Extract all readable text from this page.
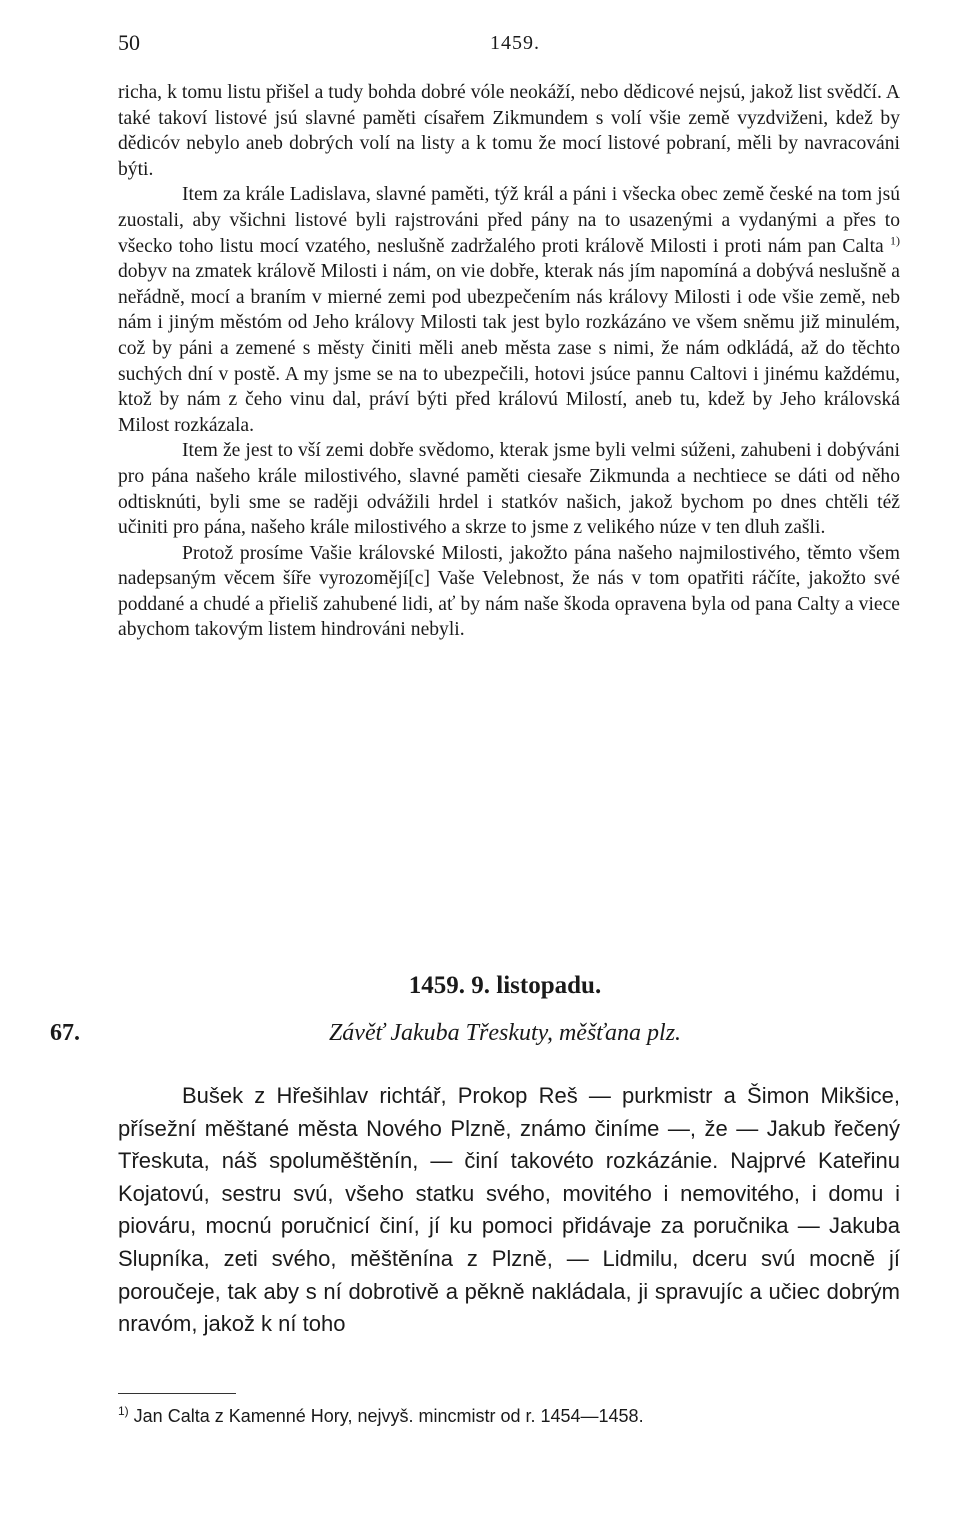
50	1459.

richa, k tomu listu přišel a tudy bohda dobré vóle neokáží, nebo dědicové nejsú, jakož list svědčí. A také takoví listové jsú slavné paměti císařem Zikmundem s volí všie země vyzdviženi, kdež by dědicóv nebylo aneb dobrých volí na listy a k tomu že mocí listové pobraní, měli by navracováni býti.

Item za krále Ladislava, slavné paměti, týž král a páni i všecka obec země české na tom jsú zuostali, aby všichni listové byli rajstrováni před pány na to usazenými a vydanými a přes to všecko toho listu mocí vzatého, neslušně zadržalého proti králově Milosti i proti nám pan Calta $^{1)}$ dobyv na zmatek králově Milosti i nám, on vie dobře, kterak nás jím napomíná a dobývá neslušně a neřádně, mocí a braním v mierné zemi pod ubezpečením nás královy Milosti i ode všie země, neb nám i jiným městóm od Jeho královy Milosti tak jest bylo rozkázáno ve všem sněmu již minulém, což by páni a zemené s městy činiti měli aneb města zase s nimi, že nám odkládá, až do těchto suchých dní v postě. A my jsme se na to ubezpečili, hotovi jsúce pannu Caltovi i jinému každému, ktož by nám z čeho vinu dal, práví býti před královú Milostí, aneb tu, kdež by Jeho královská Milost rozkázala.

Item že jest to vší zemi dobře svědomo, kterak jsme byli velmi súženi, zahubeni i dobýváni pro pána našeho krále milostivého, slavné paměti ciesaře Zikmunda a nechtiece se dáti od něho odtisknúti, byli sme se raději odvážili hrdel i statkóv našich, jakož bychom po dnes chtěli též učiniti pro pána, našeho krále milostivého a skrze to jsme z velikého núze v ten dluh zašli.

Protož prosíme Vašie královské Milosti, jakožto pána našeho najmilostivého, těmto všem nadepsaným věcem šíře vyrozomějí[c] Vaše Velebnost, že nás v tom opatřiti ráčíte, jakožto své poddané a chudé a přieliš zahubené lidi, ať by nám naše škoda opravena byla od pana Calty a viece abychom takovým listem hindrováni nebyli.

1459. 9. listopadu.
67.	Závěť Jakuba Třeskuty, měšťana plz.

Bušek z Hřešihlav richtář, Prokop Reš — purkmistr a Šimon Mikšice, přísežní měštané města Nového Plzně, známo činíme —, že — Jakub řečený Třeskuta, náš spoluměštěnín, — činí takovéto rozkázánie. Najprvé Kateřinu Kojatovú, sestru svú, všeho statku svého, movitého i nemovitého, i domu i piováru, mocnú poručnicí činí, jí ku pomoci přidávaje za poručnika — Jakuba Slupníka, zeti svého, měštěnína z Plzně, — Lidmilu, dceru svú mocně jí poroučeje, tak aby s ní dobrotivě a pěkně nakládala, ji spravujíc a učiec dobrým nravóm, jakož k ní toho

$^{1)}$ Jan Calta z Kamenné Hory, nejvyš. mincmistr od r. 1454—1458.
